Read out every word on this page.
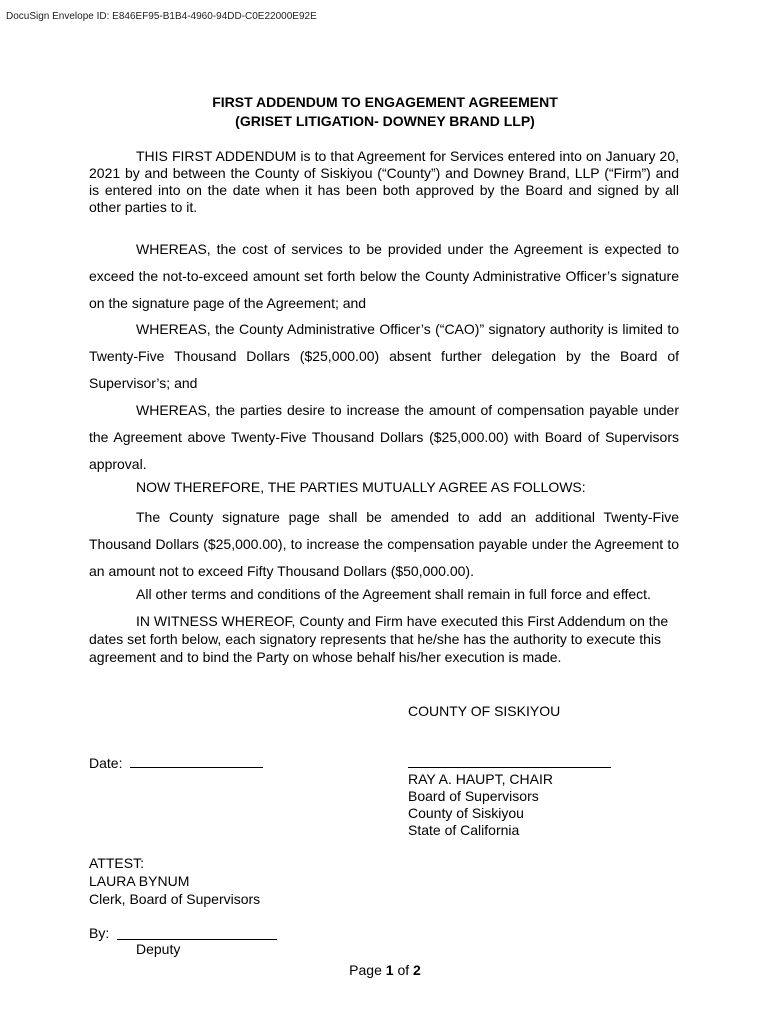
DocuSign Envelope ID: E846EF95-B1B4-4960-94DD-C0E22000E92E
FIRST ADDENDUM TO ENGAGEMENT AGREEMENT
(GRISET LITIGATION- DOWNEY BRAND LLP)

THIS FIRST ADDENDUM is to that Agreement for Services entered into on January 20, 2021 by and between the County of Siskiyou (“County”) and Downey Brand, LLP (“Firm”) and is entered into on the date when it has been both approved by the Board and signed by all other parties to it.

WHEREAS, the cost of services to be provided under the Agreement is expected to exceed the not-to-exceed amount set forth below the County Administrative Officer’s signature on the signature page of the Agreement; and

WHEREAS, the County Administrative Officer’s (“CAO)” signatory authority is limited to Twenty-Five Thousand Dollars ($25,000.00) absent further delegation by the Board of Supervisor’s; and

WHEREAS, the parties desire to increase the amount of compensation payable under the Agreement above Twenty-Five Thousand Dollars ($25,000.00) with Board of Supervisors approval.

NOW THEREFORE, THE PARTIES MUTUALLY AGREE AS FOLLOWS:

The County signature page shall be amended to add an additional Twenty-Five Thousand Dollars ($25,000.00), to increase the compensation payable under the Agreement to an amount not to exceed Fifty Thousand Dollars ($50,000.00).

All other terms and conditions of the Agreement shall remain in full force and effect.

IN WITNESS WHEREOF, County and Firm have executed this First Addendum on the dates set forth below, each signatory represents that he/she has the authority to execute this agreement and to bind the Party on whose behalf his/her execution is made.

COUNTY OF SISKIYOU
Date:
RAY A. HAUPT, CHAIR
Board of Supervisors
County of Siskiyou
State of California
ATTEST:
LAURA BYNUM
Clerk, Board of Supervisors
By:
Deputy
Page 1 of 2
